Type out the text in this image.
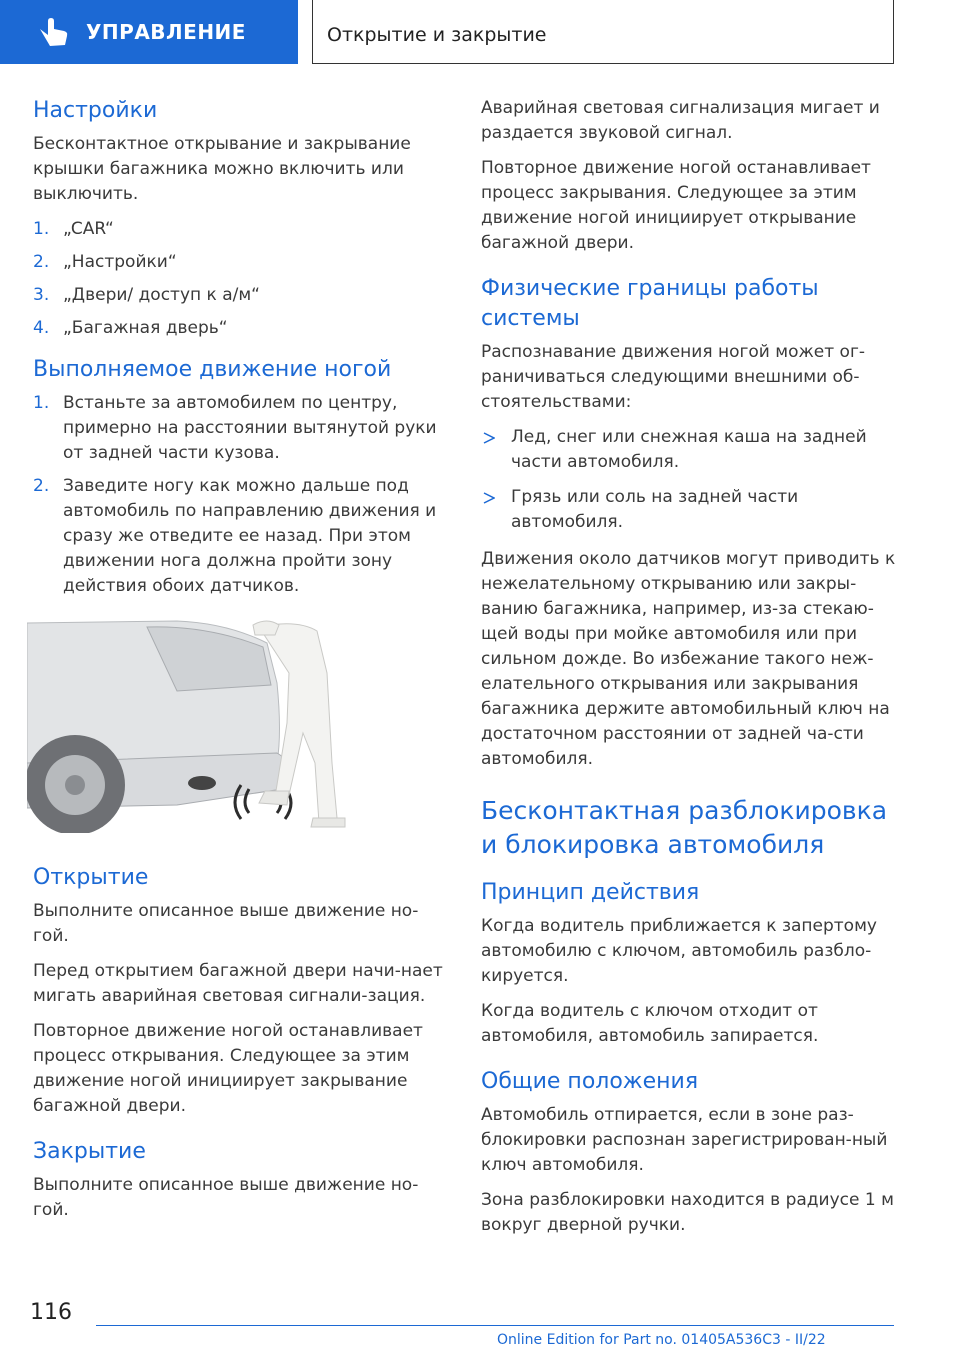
УПРАВЛЕНИЕ	Открытие и закрытие
Настройки

Бесконтактное открывание и закрывание крышки багажника можно включить или выключить.

1. „CAR“
2. „Настройки“
3. „Двери/ доступ к а/м“
4. „Багажная дверь“
Выполняемое движение ногой
1. Встаньте за автомобилем по центру, примерно на расстоянии вытянутой руки от задней части кузова.
2. Заведите ногу как можно дальше под автомобиль по направлению движения и сразу же отведите ее назад. При этом движении нога должна пройти зону действия обоих датчиков.
Открытие

Выполните описанное выше движение но-гой.

Перед открытием багажной двери начи-нает мигать аварийная световая сигнали-зация.

Повторное движение ногой останавливает процесс открывания. Следующее за этим движение ногой инициирует закрывание багажной двери.

Закрытие

Выполните описанное выше движение но-гой.

Аварийная световая сигнализация мигает и раздается звуковой сигнал.

Повторное движение ногой останавливает процесс закрывания. Следующее за этим движение ногой инициирует открывание багажной двери.

Физические границы работы системы

Распознавание движения ногой может ог-раничиваться следующими внешними об-стоятельствами:

Лед, снег или снежная каша на задней части автомобиля.
Грязь или соль на задней части автомобиля.

Движения около датчиков могут приводить к нежелательному открыванию или закры-ванию багажника, например, из-за стекаю-щей воды при мойке автомобиля или при сильном дожде. Во избежание такого неж-елательного открывания или закрывания багажника держите автомобильный ключ на достаточном расстоянии от задней ча-сти автомобиля.

Бесконтактная разблокировка и блокировка автомобиля
Принцип действия

Когда водитель приближается к запертому автомобилю с ключом, автомобиль разбло-кируется.

Когда водитель с ключом отходит от автомобиля, автомобиль запирается.

Общие положения

Автомобиль отпирается, если в зоне раз-блокировки распознан зарегистрирован-ный ключ автомобиля.

Зона разблокировки находится в радиусе 1 м вокруг дверной ручки.

116
Online Edition for Part no. 01405A536C3 - II/22
